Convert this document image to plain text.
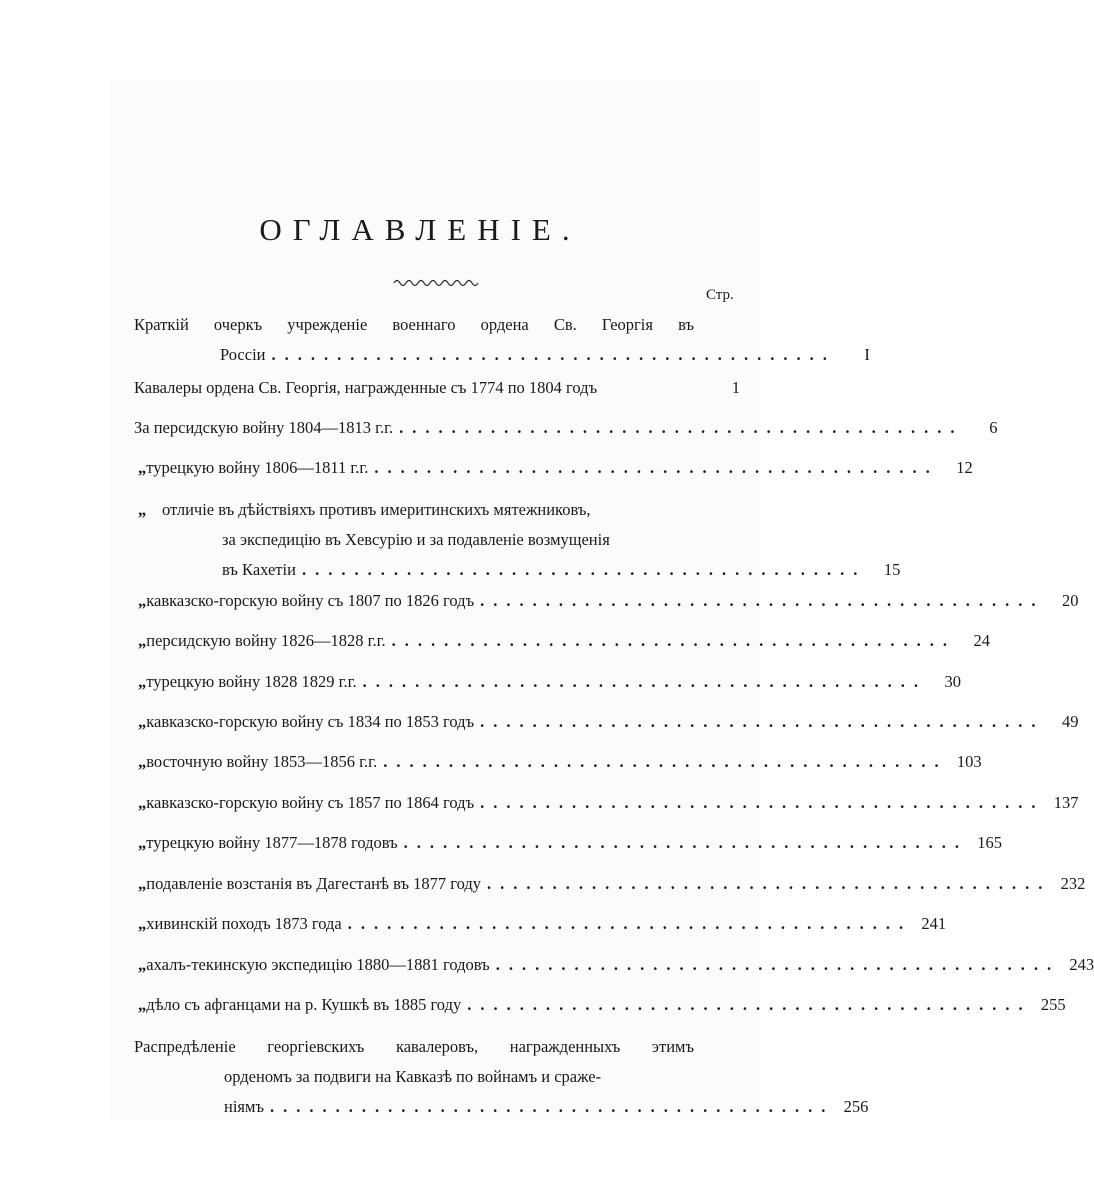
ОГЛАВЛЕНІЕ.
Стр.
Краткій очеркъ учрежденіе военнаго ордена Св. Георгія въ
Россіи ...........................................	I
Кавалеры ордена Св. Георгія, награжденные съ 1774 по 1804 годъ	1
За персидскую войну 1804—1813 г.г. ...........................................	6
„ турецкую войну 1806—1811 г.г. ...........................................	12
„ отличіе въ дѣйствіяхъ противъ имеритинскихъ мятежниковъ,
за экспедицію въ Хевсурію и за подавленіе возмущенія
въ Кахетіи ...........................................	15
„ кавказско-горскую войну съ 1807 по 1826 годъ ...........................................	20
„ персидскую войну 1826—1828 г.г. ...........................................	24
„ турецкую войну 1828 1829 г.г. ...........................................	30
„ кавказско-горскую войну съ 1834 по 1853 годъ ...........................................	49
„ восточную войну 1853—1856 г.г. ........................................... 103
„ кавказско-горскую войну съ 1857 по 1864 годъ ........................................... 137
„ турецкую войну 1877—1878 годовъ ........................................... 165
„ подавленіе возстанія въ Дагестанѣ въ 1877 году ........................................... 232
„ хивинскій походъ 1873 года ........................................... 241
„ ахалъ-текинскую экспедицію 1880—1881 годовъ ........................................... 243
„ дѣло съ афганцами на р. Кушкѣ въ 1885 году ........................................... 255
Распредѣленіе георгіевскихъ кавалеровъ, награжденныхъ этимъ
орденомъ за подвиги на Кавказѣ по войнамъ и сраже-
ніямъ ........................................... 256
